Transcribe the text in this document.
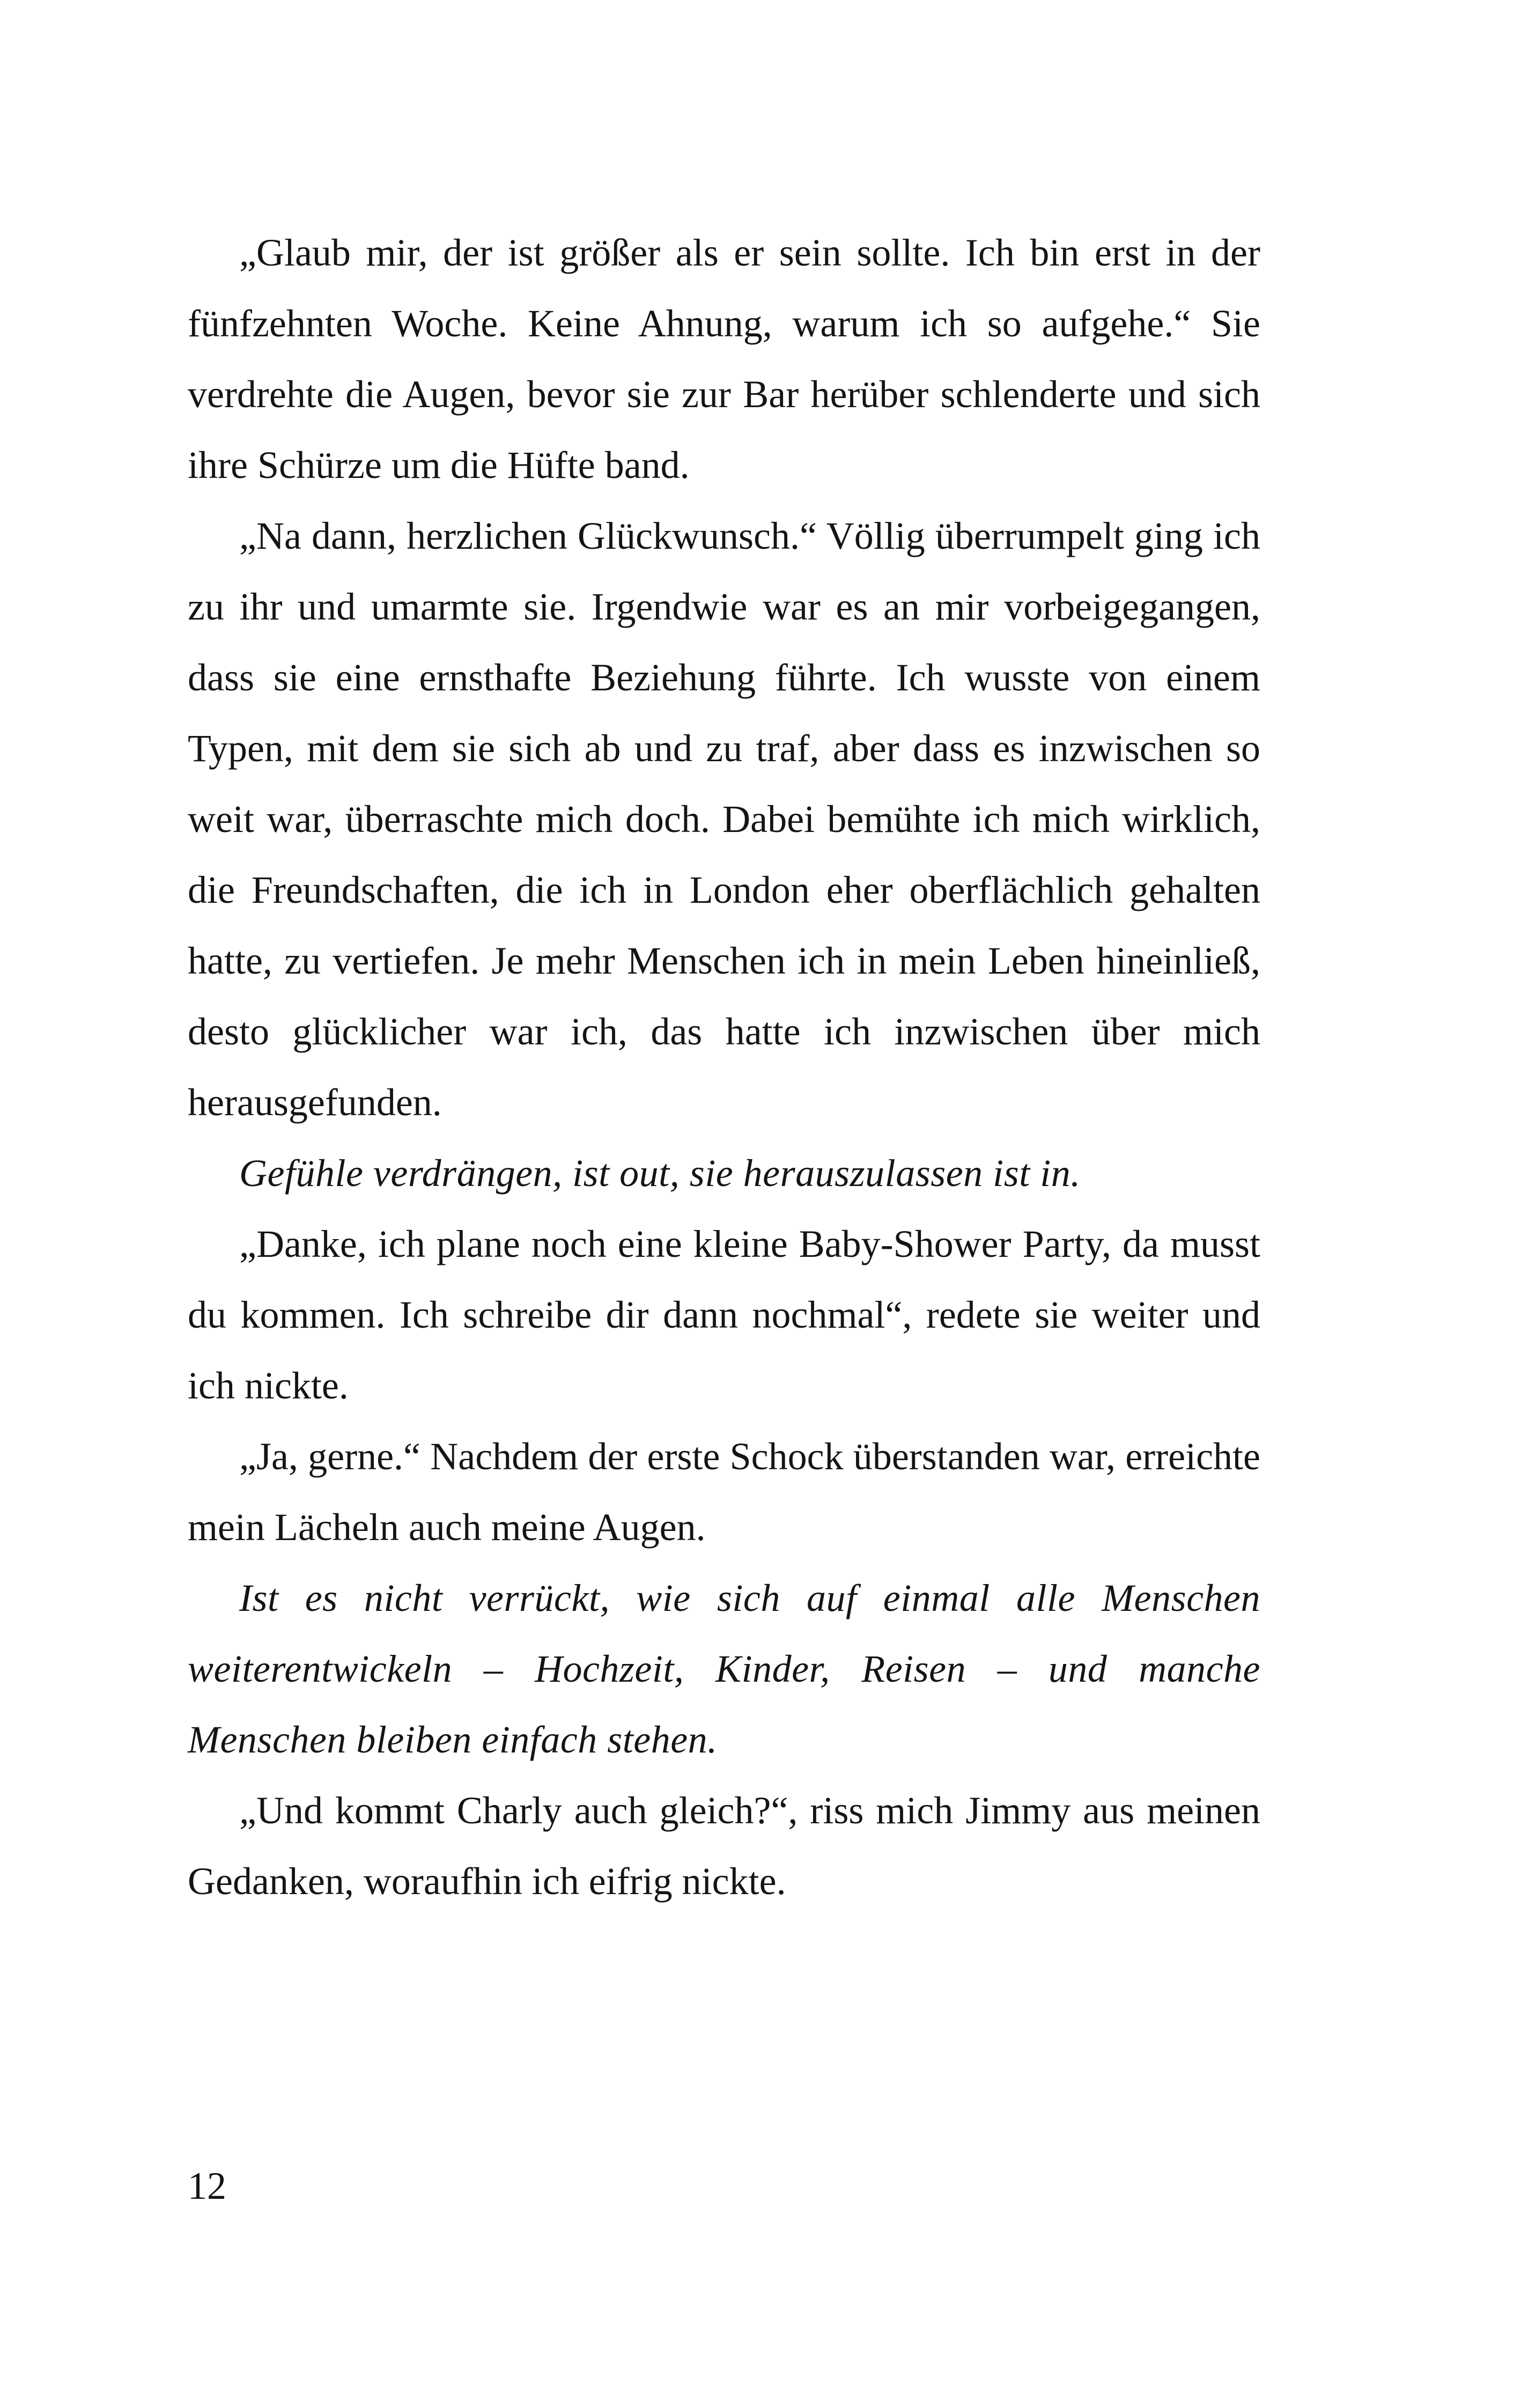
„Glaub mir, der ist größer als er sein sollte. Ich bin erst in der fünfzehnten Woche. Keine Ahnung, warum ich so aufgehe.“ Sie verdrehte die Augen, bevor sie zur Bar herüber schlenderte und sich ihre Schürze um die Hüfte band.

„Na dann, herzlichen Glückwunsch.“ Völlig überrumpelt ging ich zu ihr und umarmte sie. Irgendwie war es an mir vorbeigegangen, dass sie eine ernsthafte Beziehung führte. Ich wusste von einem Typen, mit dem sie sich ab und zu traf, aber dass es inzwischen so weit war, überraschte mich doch. Dabei bemühte ich mich wirklich, die Freundschaften, die ich in London eher oberflächlich gehalten hatte, zu vertiefen. Je mehr Menschen ich in mein Leben hineinließ, desto glücklicher war ich, das hatte ich inzwischen über mich herausgefunden.

Gefühle verdrängen, ist out, sie herauszulassen ist in.

„Danke, ich plane noch eine kleine Baby-Shower Party, da musst du kommen. Ich schreibe dir dann nochmal“, redete sie weiter und ich nickte.

„Ja, gerne.“ Nachdem der erste Schock überstanden war, erreichte mein Lächeln auch meine Augen.

Ist es nicht verrückt, wie sich auf einmal alle Menschen weiterentwickeln – Hochzeit, Kinder, Reisen – und manche Menschen bleiben einfach stehen.

„Und kommt Charly auch gleich?“, riss mich Jimmy aus meinen Gedanken, woraufhin ich eifrig nickte.

12
